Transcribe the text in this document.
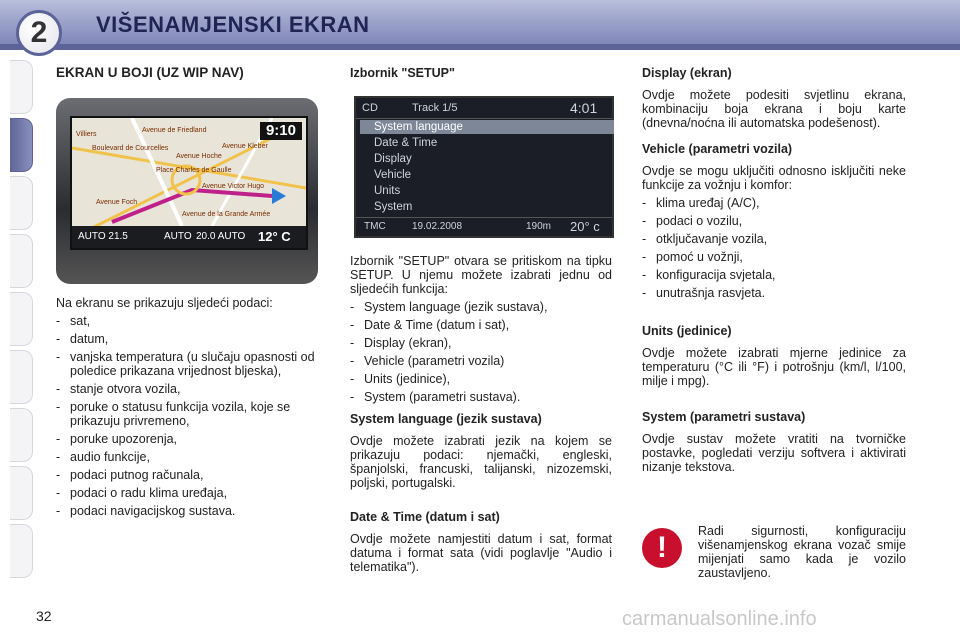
2	VIŠENAMJENSKI EKRAN
EKRAN U BOJI (UZ WIP NAV)
Villiers
Avenue de Friedland
Boulevard de Courcelles
Avenue Hoche
Place Charles de Gaulle
Avenue Kleber
Avenue Victor Hugo
Avenue Foch
Avenue de la Grande Armée
9:10
AUTO 21.5	AUTO 20.0 AUTO 12° C

Na ekranu se prikazuju sljedeći podaci:

- sat,
- datum,
- vanjska temperatura (u slučaju opasnosti od poledice prikazana vrijednost bljeska),
- stanje otvora vozila,
- poruke o statusu funkcija vozila, koje se prikazuju privremeno,
- poruke upozorenja,
- audio funkcije,
- podaci putnog računala,
- podaci o radu klima uređaja,
- podaci navigacijskog sustava.
Izbornik "SETUP"
CD	Track 1/5	4:01
System language
Date & Time
Display
Vehicle
Units
System
TMC	19.02.2008	190m 20° c

Izbornik "SETUP" otvara se pritiskom na tipku SETUP. U njemu možete izabrati jednu od sljedećih funkcija:

- System language (jezik sustava),
- Date & Time (datum i sat),
- Display (ekran),
- Vehicle (parametri vozila)
- Units (jedinice),
- System (parametri sustava).
System language (jezik sustava)

Ovdje možete izabrati jezik na kojem se prikazuju podaci: njemački, engleski, španjolski, francuski, talijanski, nizozemski, poljski, portugalski.

Date & Time (datum i sat)

Ovdje možete namjestiti datum i sat, format datuma i format sata (vidi poglavlje "Audio i telematika").

Display (ekran)

Ovdje možete podesiti svjetlinu ekrana, kombinaciju boja ekrana i boju karte (dnevna/noćna ili automatska podešenost).

Vehicle (parametri vozila)

Ovdje se mogu uključiti odnosno isključiti neke funkcije za vožnju i komfor:

- klima uređaj (A/C),
- podaci o vozilu,
- otključavanje vozila,
- pomoć u vožnji,
- konfiguracija svjetala,
- unutrašnja rasvjeta.
Units (jedinice)

Ovdje možete izabrati mjerne jedinice za temperaturu (°C ili °F) i potrošnju (km/l, l/100, milje i mpg).

System (parametri sustava)

Ovdje sustav možete vratiti na tvorničke postavke, pogledati verziju softvera i aktivirati nizanje tekstova.

!	Radi sigurnosti, konfiguraciju višenamjenskog ekrana vozač smije mijenjati samo kada je vozilo zaustavljeno.

32	carmanualsonline.info
